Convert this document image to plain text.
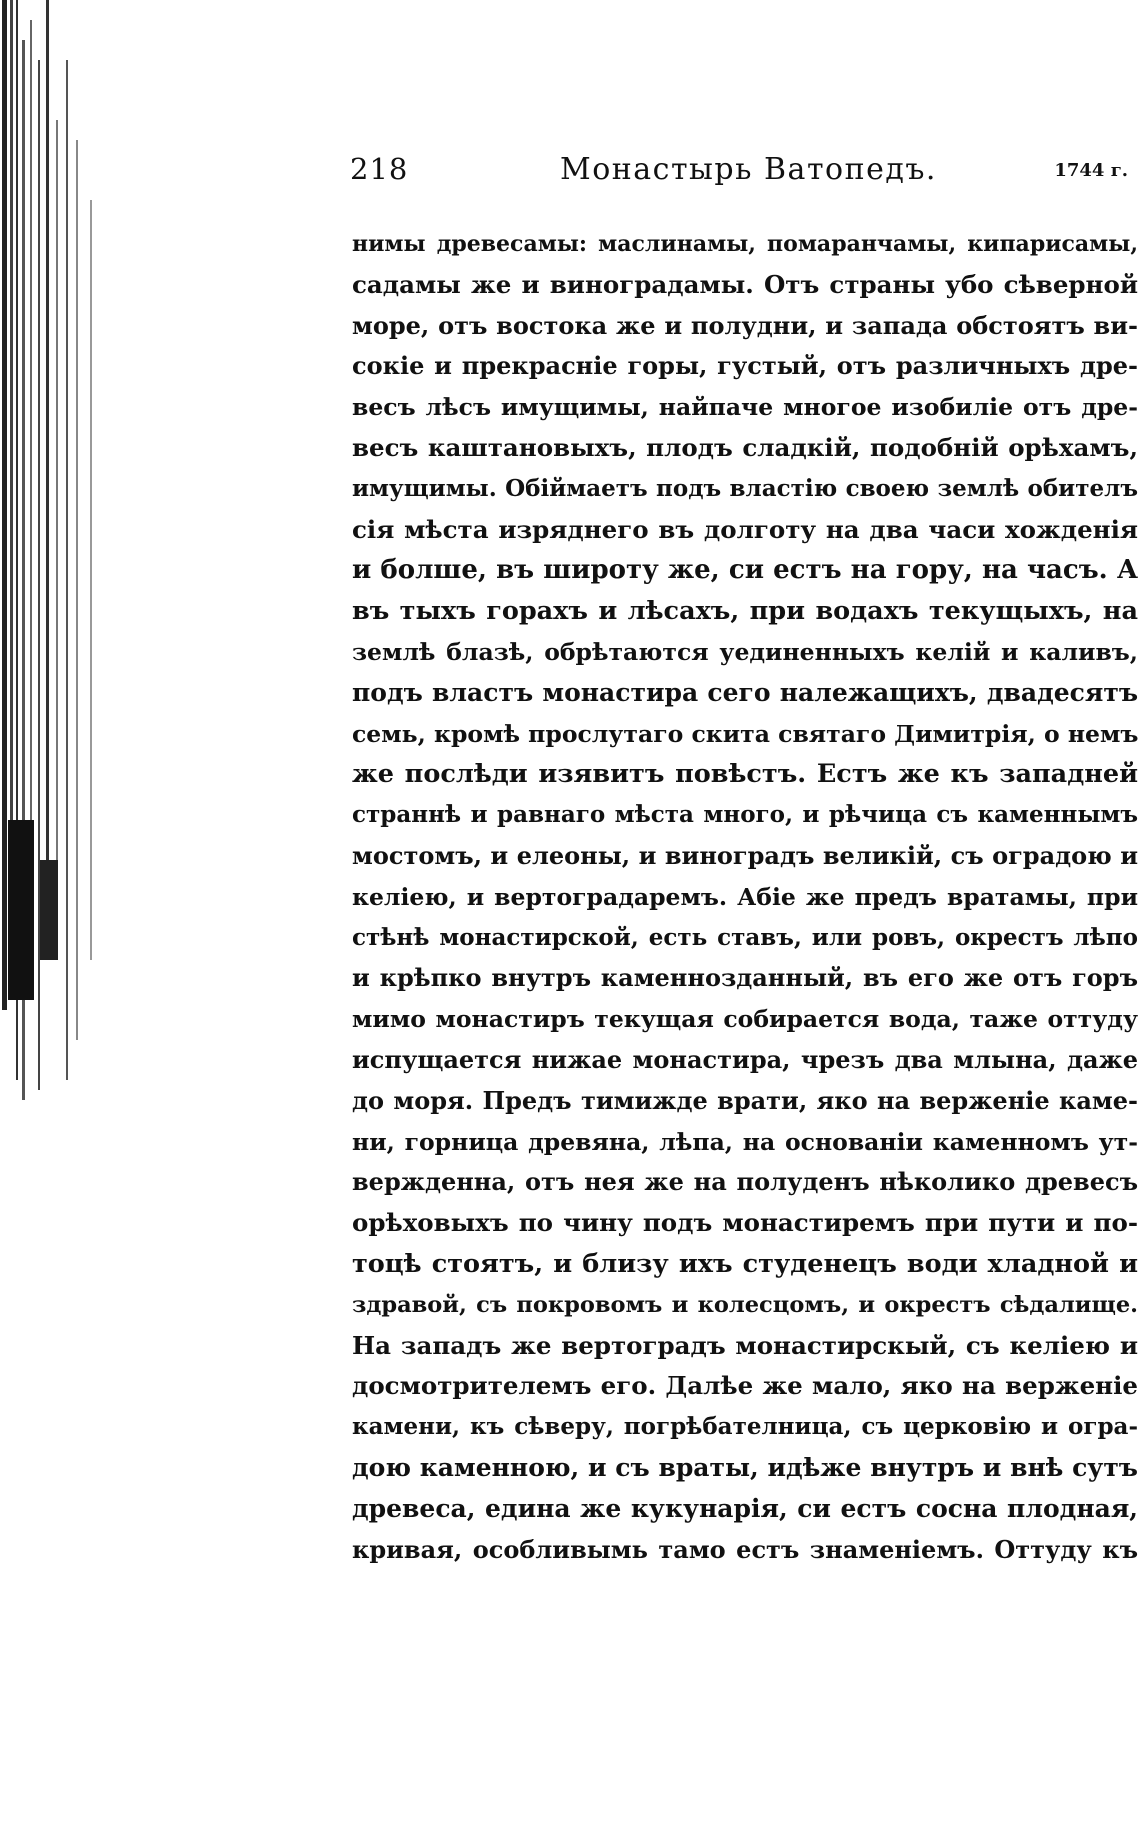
218	Монастырь Ватопедъ.	1744 г.
нимы древесамы: маслинамы, помаранчамы, кипарисамы,
садамы же и виноградамы. Отъ страны убо сѣверной
море, отъ востока же и полудни, и запада обстоятъ ви-
сокіе и прекрасніе горы, густый, отъ различныхъ дре-
весъ лѣсъ имущимы, найпаче многое изобиліе отъ дре-
весъ каштановыхъ, плодъ сладкій, подобній орѣхамъ,
имущимы. Обіймаетъ подъ властію своею землѣ обителъ
сія мѣста изряднего въ долготу на два часи хожденія
и болше, въ широту же, си естъ на гору, на часъ. А
въ тыхъ горахъ и лѣсахъ, при водахъ текущыхъ, на
землѣ блазѣ, обрѣтаются уединенныхъ келій и каливъ,
подъ властъ монастира сего належащихъ, двадесятъ
семь, кромѣ прослутаго скита святаго Димитрія, о немъ
же послѣди изявитъ повѣстъ. Естъ же къ западней
страннѣ и равнаго мѣста много, и рѣчица съ каменнымъ
мостомъ, и елеоны, и виноградъ великій, съ оградою и
келіею, и вертоградаремъ. Абіе же предъ вратамы, при
стѣнѣ монастирской, есть ставъ, или ровъ, окрестъ лѣпо
и крѣпко внутръ каменнозданный, въ его же отъ горъ
мимо монастиръ текущая собирается вода, таже оттуду
испущается нижае монастира, чрезъ два млына, даже
до моря. Предъ тимижде врати, яко на верженіе каме-
ни, горница древяна, лѣпа, на основаніи каменномъ ут-
вержденна, отъ нея же на полуденъ нѣколико древесъ
орѣховыхъ по чину подъ монастиремъ при пути и по-
тоцѣ стоятъ, и близу ихъ студенецъ води хладной и
здравой, съ покровомъ и колесцомъ, и окрестъ сѣдалище.
На западъ же вертоградъ монастирскый, съ келіею и
досмотрителемъ его. Далѣе же мало, яко на верженіе
камени, къ сѣверу, погрѣбателница, съ церковію и огра-
дою каменною, и съ враты, идѣже внутръ и внѣ сутъ
древеса, едина же кукунарія, си естъ сосна плодная,
кривая, особливымь тамо естъ знаменіемъ. Оттуду къ
